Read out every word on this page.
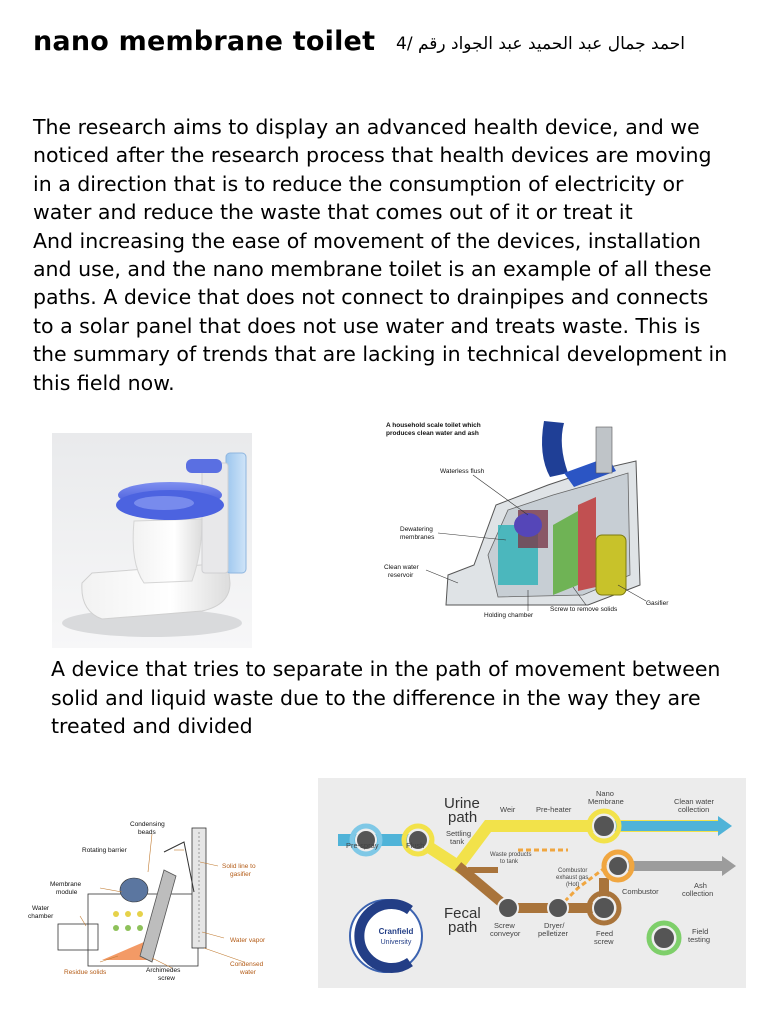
nano membrane toilet احمد جمال عبد الحميد عبد الجواد رقم /4

The research aims to display an advanced health device, and we noticed after the research process that health devices are moving in a direction that is to reduce the consumption of electricity or water and reduce the waste that comes out of it or treat it

And increasing the ease of movement of the devices, installation and use, and the nano membrane toilet is an example of all these paths. A device that does not connect to drainpipes and connects to a solar panel that does not use water and treats waste. This is the summary of trends that are lacking in technical development in this field now.

A household scale toilet which
produces clean water and ash
Waterless flush
Dewatering
membranes
Clean water
reservoir
Holding chamber
Screw to remove solids
Gasifier
A device that tries to separate in the path of movement between solid and liquid waste due to the difference in the way they are treated and divided
Condensing
beads
Rotating barrier
Solid line to
gasifier
Membrane
module
Water
chamber
Water vapor
Residue solids	Archimedes
screw
Condensed
water
Cranfield
University
Urine
path
Fecal
path
Pre-spray	Flush
Weir	Pre-heater
Nano
Membrane	Clean water
collection
Settling
tank
Waste products
to tank
Combustor
exhaust gas
(Hot)
Combustor
Ash
collection
Screw
conveyor
Dryer/
pelletizer	Feed
screw
Field
testing
